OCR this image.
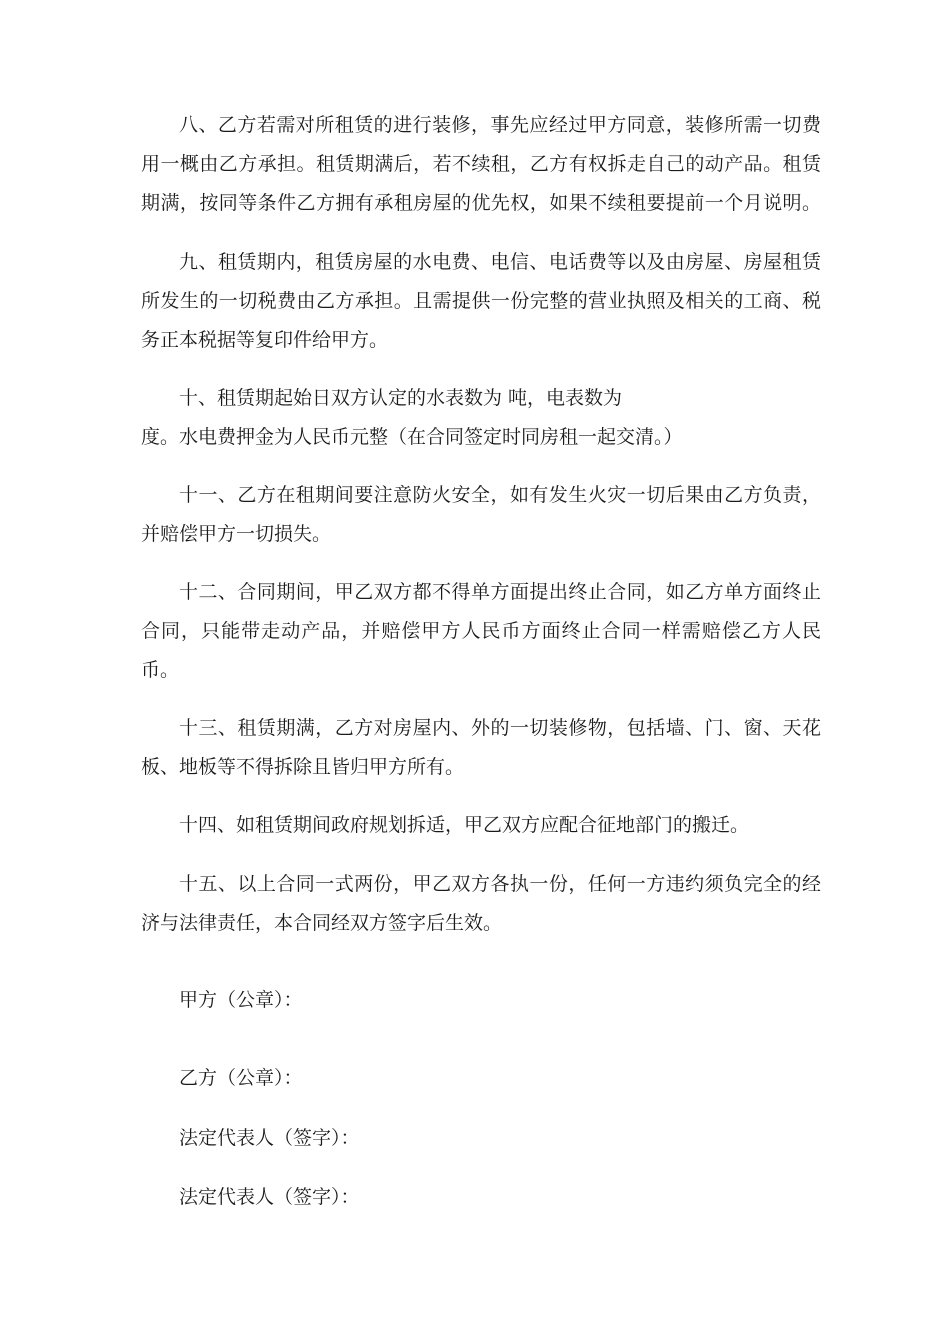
八、乙方若需对所租赁的进行装修，事先应经过甲方同意，装修所需一切费
用一概由乙方承担。租赁期满后，若不续租，乙方有权拆走自己的动产品。租赁
期满，按同等条件乙方拥有承租房屋的优先权，如果不续租要提前一个月说明。
九、租赁期内，租赁房屋的水电费、电信、电话费等以及由房屋、房屋租赁
所发生的一切税费由乙方承担。且需提供一份完整的营业执照及相关的工商、税
务正本税据等复印件给甲方。
十、租赁期起始日双方认定的水表数为 吨，电表数为
度。水电费押金为人民币元整（在合同签定时同房租一起交清。）
十一、乙方在租期间要注意防火安全，如有发生火灾一切后果由乙方负责，
并赔偿甲方一切损失。
十二、合同期间，甲乙双方都不得单方面提出终止合同，如乙方单方面终止
合同，只能带走动产品，并赔偿甲方人民币方面终止合同一样需赔偿乙方人民
币。
十三、租赁期满，乙方对房屋内、外的一切装修物，包括墙、门、窗、天花
板、地板等不得拆除且皆归甲方所有。
十四、如租赁期间政府规划拆适，甲乙双方应配合征地部门的搬迁。
十五、以上合同一式两份，甲乙双方各执一份，任何一方违约须负完全的经
济与法律责任，本合同经双方签字后生效。
甲方（公章）：
乙方（公章）：
法定代表人（签字）：
法定代表人（签字）：
